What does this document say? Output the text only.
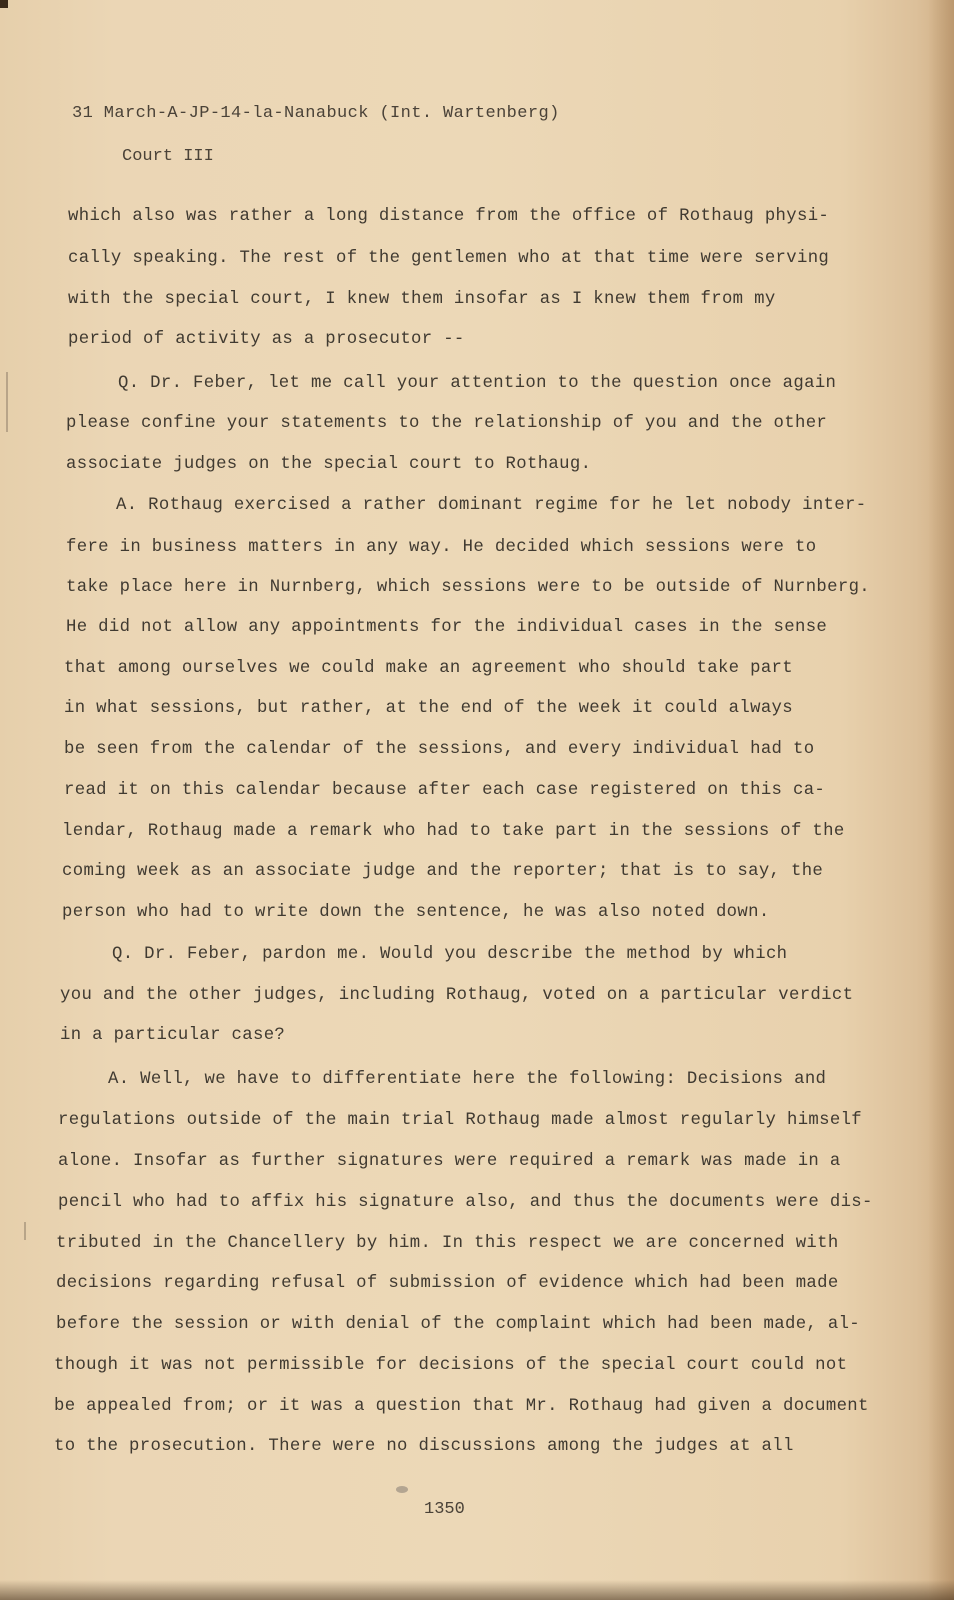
31 March-A-JP-14-la-Nanabuck (Int. Wartenberg)
Court III
which also was rather a long distance from the office of Rothaug physi-
cally speaking. The rest of the gentlemen who at that time were serving
with the special court, I knew them insofar as I knew them from my
period of activity as a prosecutor --
Q. Dr. Feber, let me call your attention to the question once again
please confine your statements to the relationship of you and the other
associate judges on the special court to Rothaug.
A. Rothaug exercised a rather dominant regime for he let nobody inter-
fere in business matters in any way. He decided which sessions were to
take place here in Nurnberg, which sessions were to be outside of Nurnberg.
He did not allow any appointments for the individual cases in the sense
that among ourselves we could make an agreement who should take part
in what sessions, but rather, at the end of the week it could always
be seen from the calendar of the sessions, and every individual had to
read it on this calendar because after each case registered on this ca-
lendar, Rothaug made a remark who had to take part in the sessions of the
coming week as an associate judge and the reporter; that is to say, the
person who had to write down the sentence, he was also noted down.
Q. Dr. Feber, pardon me. Would you describe the method by which
you and the other judges, including Rothaug, voted on a particular verdict
in a particular case?
A. Well, we have to differentiate here the following: Decisions and
regulations outside of the main trial Rothaug made almost regularly himself
alone. Insofar as further signatures were required a remark was made in a
pencil who had to affix his signature also, and thus the documents were dis-
tributed in the Chancellery by him. In this respect we are concerned with
decisions regarding refusal of submission of evidence which had been made
before the session or with denial of the complaint which had been made, al-
though it was not permissible for decisions of the special court could not
be appealed from; or it was a question that Mr. Rothaug had given a document
to the prosecution. There were no discussions among the judges at all
1350
